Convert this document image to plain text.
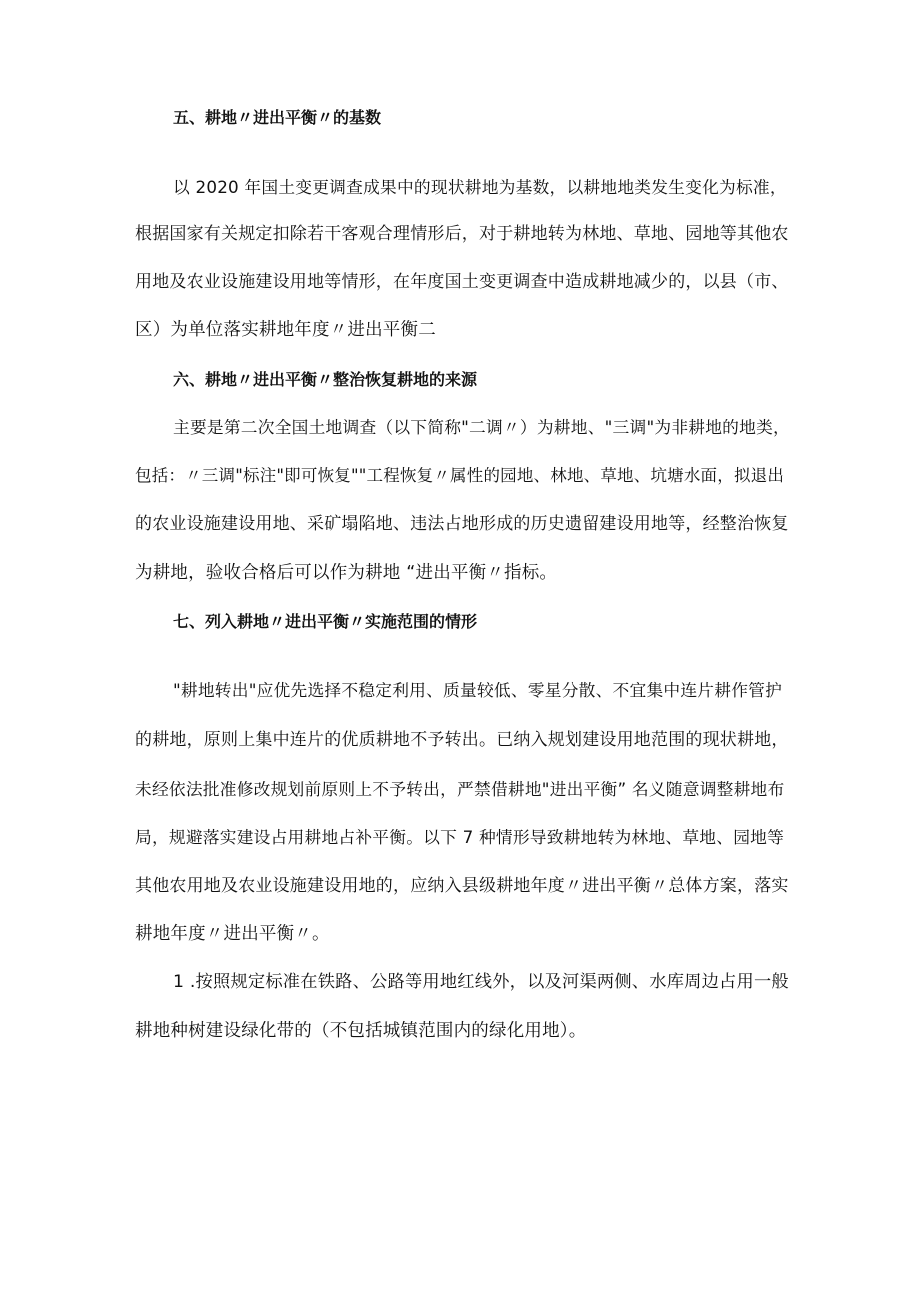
五、耕地〃进出平衡〃的基数
以 2020 年国土变更调查成果中的现状耕地为基数，以耕地地类发生变化为标准，
根据国家有关规定扣除若干客观合理情形后，对于耕地转为林地、草地、园地等其他农
用地及农业设施建设用地等情形，在年度国土变更调查中造成耕地减少的，以县（市、
区）为单位落实耕地年度〃进出平衡二
六、耕地〃进出平衡〃整治恢复耕地的来源
主要是第二次全国土地调查（以下简称"二调〃）为耕地、"三调"为非耕地的地类，
包括：〃三调"标注"即可恢复""工程恢复〃属性的园地、林地、草地、坑塘水面，拟退出
的农业设施建设用地、采矿塌陷地、违法占地形成的历史遗留建设用地等，经整治恢复
为耕地，验收合格后可以作为耕地 “进出平衡〃指标。
七、列入耕地〃进出平衡〃实施范围的情形
"耕地转出"应优先选择不稳定利用、质量较低、零星分散、不宜集中连片耕作管护
的耕地，原则上集中连片的优质耕地不予转出。已纳入规划建设用地范围的现状耕地，
未经依法批准修改规划前原则上不予转出，严禁借耕地"进出平衡” 名义随意调整耕地布
局，规避落实建设占用耕地占补平衡。以下 7 种情形导致耕地转为林地、草地、园地等
其他农用地及农业设施建设用地的，应纳入县级耕地年度〃进出平衡〃总体方案，落实
耕地年度〃进出平衡〃。
1 .按照规定标准在铁路、公路等用地红线外，以及河渠两侧、水库周边占用一般
耕地种树建设绿化带的（不包括城镇范围内的绿化用地）。
